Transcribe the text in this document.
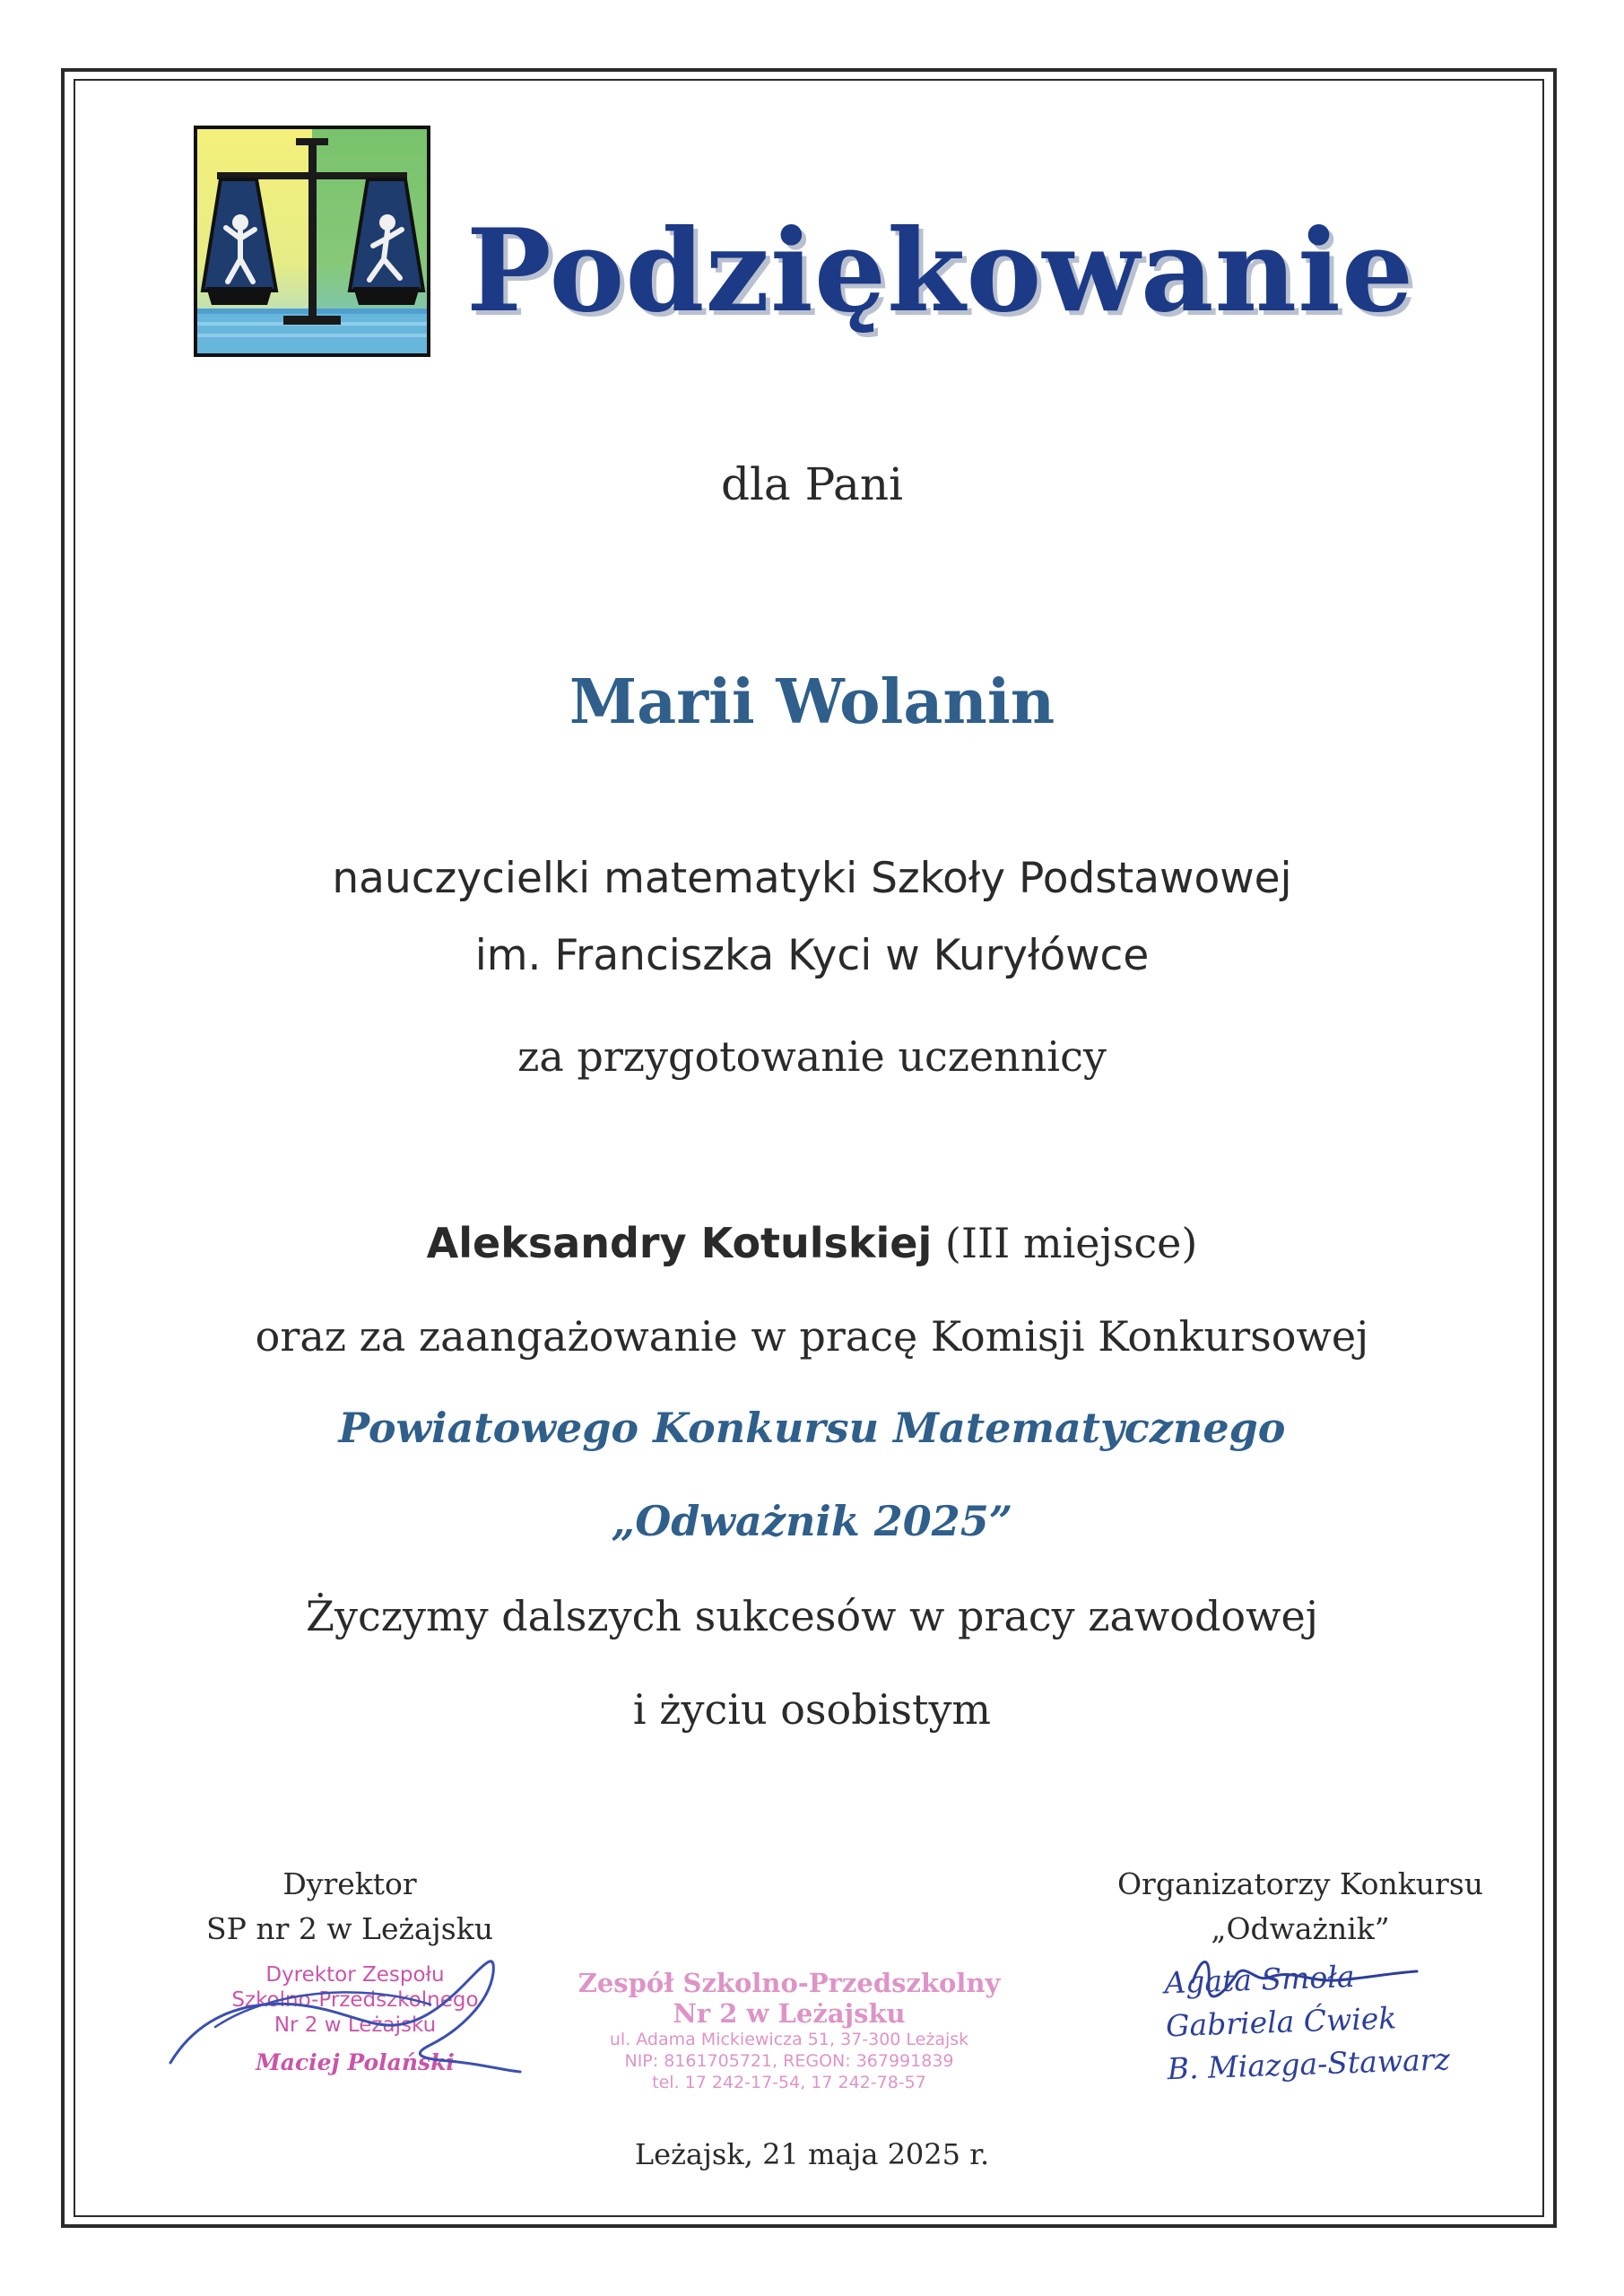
Podziękowanie
dla Pani
Marii Wolanin
nauczycielki matematyki Szkoły Podstawowej
im. Franciszka Kyci w Kuryłówce
za przygotowanie uczennicy
Aleksandry Kotulskiej (III miejsce)
oraz za zaangażowanie w pracę Komisji Konkursowej
Powiatowego Konkursu Matematycznego
„Odważnik 2025”
Życzymy dalszych sukcesów w pracy zawodowej
i życiu osobistym
Dyrektor
SP nr 2 w Leżajsku
Dyrektor Zespołu
Szkolno-Przedszkolnego
Nr 2 w Leżajsku
Maciej Polański
Zespół Szkolno-Przedszkolny
Nr 2 w Leżajsku
ul. Adama Mickiewicza 51, 37-300 Leżajsk
NIP: 8161705721, REGON: 367991839
tel. 17 242-17-54, 17 242-78-57
Organizatorzy Konkursu
„Odważnik”
Agata Smoła
Gabriela Ćwiek
B. Miazga-Stawarz
Leżajsk, 21 maja 2025 r.
